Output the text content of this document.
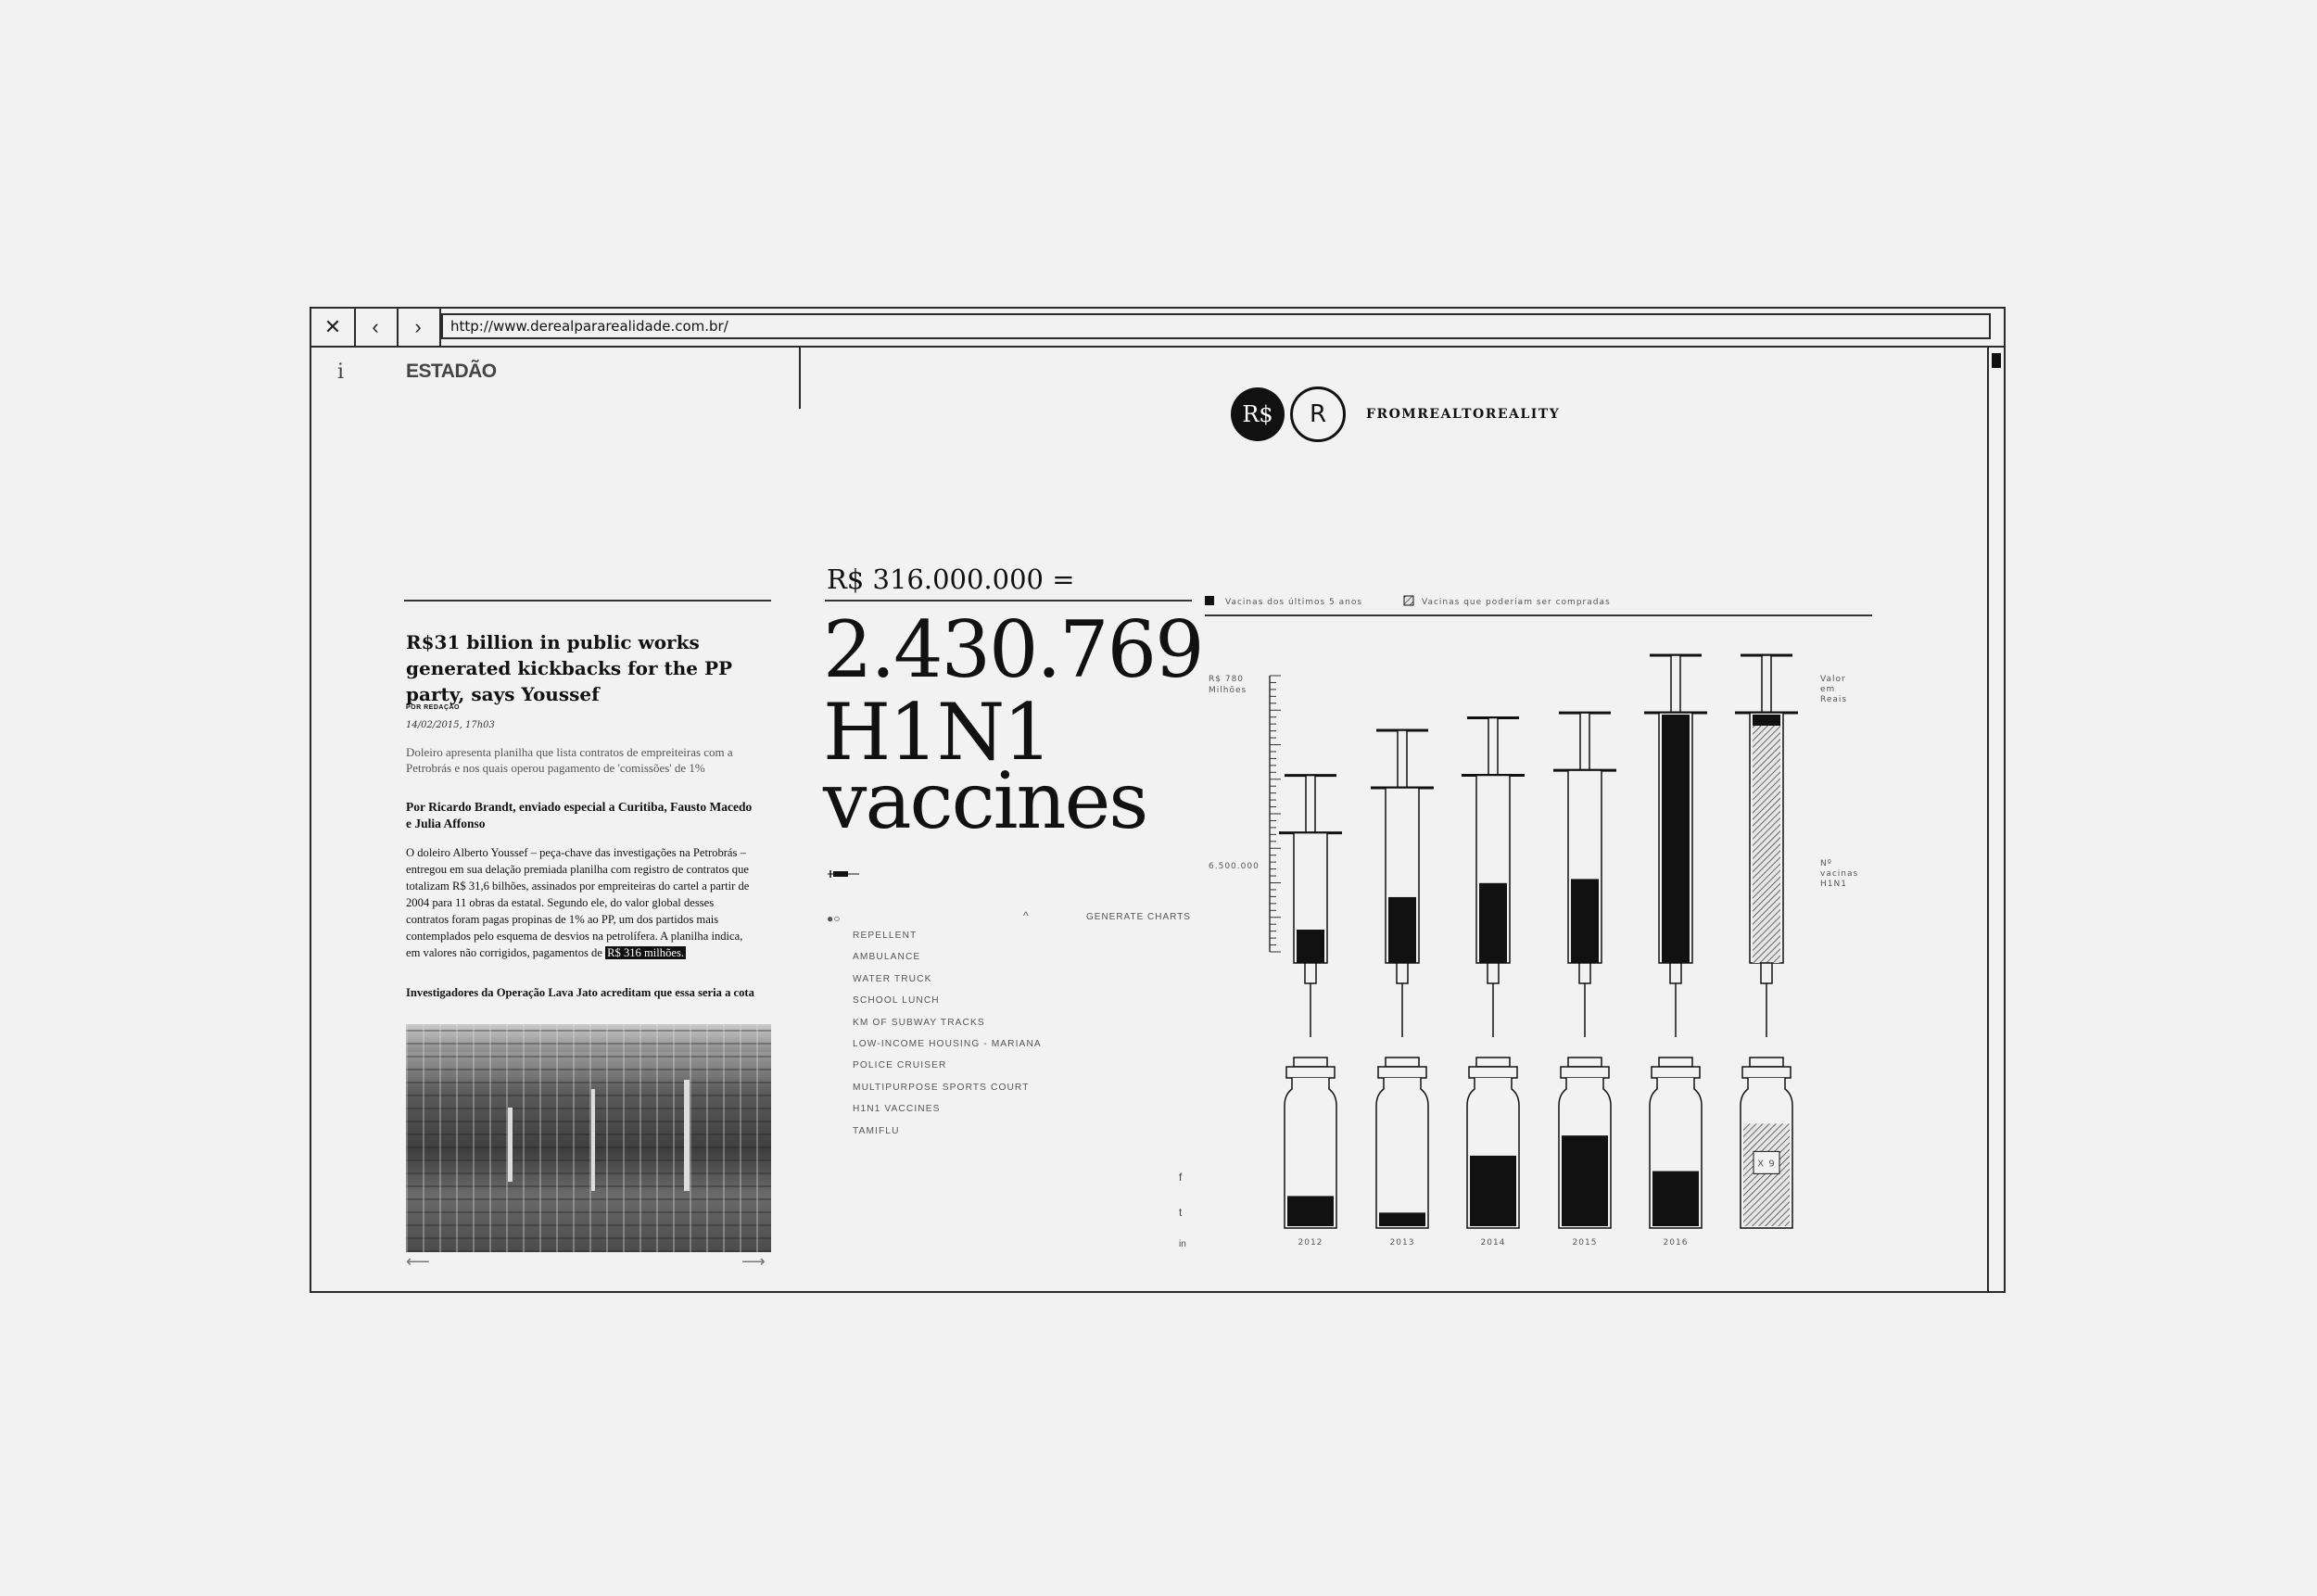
✕	‹	›	http://www.derealpararealidade.com.br/
i	ESTADÃO
R$	R	FROMREALTOREALITY
R$31 billion in public works generated kickbacks for the PP party, says Youssef
POR REDAÇÃO
14/02/2015, 17h03
Doleiro apresenta planilha que lista contratos de empreiteiras com a Petrobrás e nos quais operou pagamento de 'comissões' de 1%
Por Ricardo Brandt, enviado especial a Curitiba, Fausto Macedo e Julia Affonso
O doleiro Alberto Youssef – peça-chave das investigações na Petrobrás – entregou em sua delação premiada planilha com registro de contratos que totalizam R$ 31,6 bilhões, assinados por empreiteiras do cartel a partir de 2004 para 11 obras da estatal. Segundo ele, do valor global desses contratos foram pagas propinas de 1% ao PP, um dos partidos mais contemplados pelo esquema de desvios na petrolífera. A planilha indica, em valores não corrigidos, pagamentos de R$ 316 milhões.
Investigadores da Operação Lava Jato acreditam que essa seria a cota
⟵	⟶
R$ 316.000.000 =
2.430.769
H1N1 vaccines
●○	^	GENERATE CHARTS
REPELLENT
AMBULANCE
WATER TRUCK
SCHOOL LUNCH
KM OF SUBWAY TRACKS
LOW-INCOME HOUSING - MARIANA
POLICE CRUISER
MULTIPURPOSE SPORTS COURT
H1N1 VACCINES
TAMIFLU
f
t
in
Vacinas dos últimos 5 anos	Vacinas que poderiam ser compradas
R$ 780
Milhões
6.500.000
Valor
em
Reais
Nº
vacinas
H1N1
2012	2013	2014	2015	2016
X 9
